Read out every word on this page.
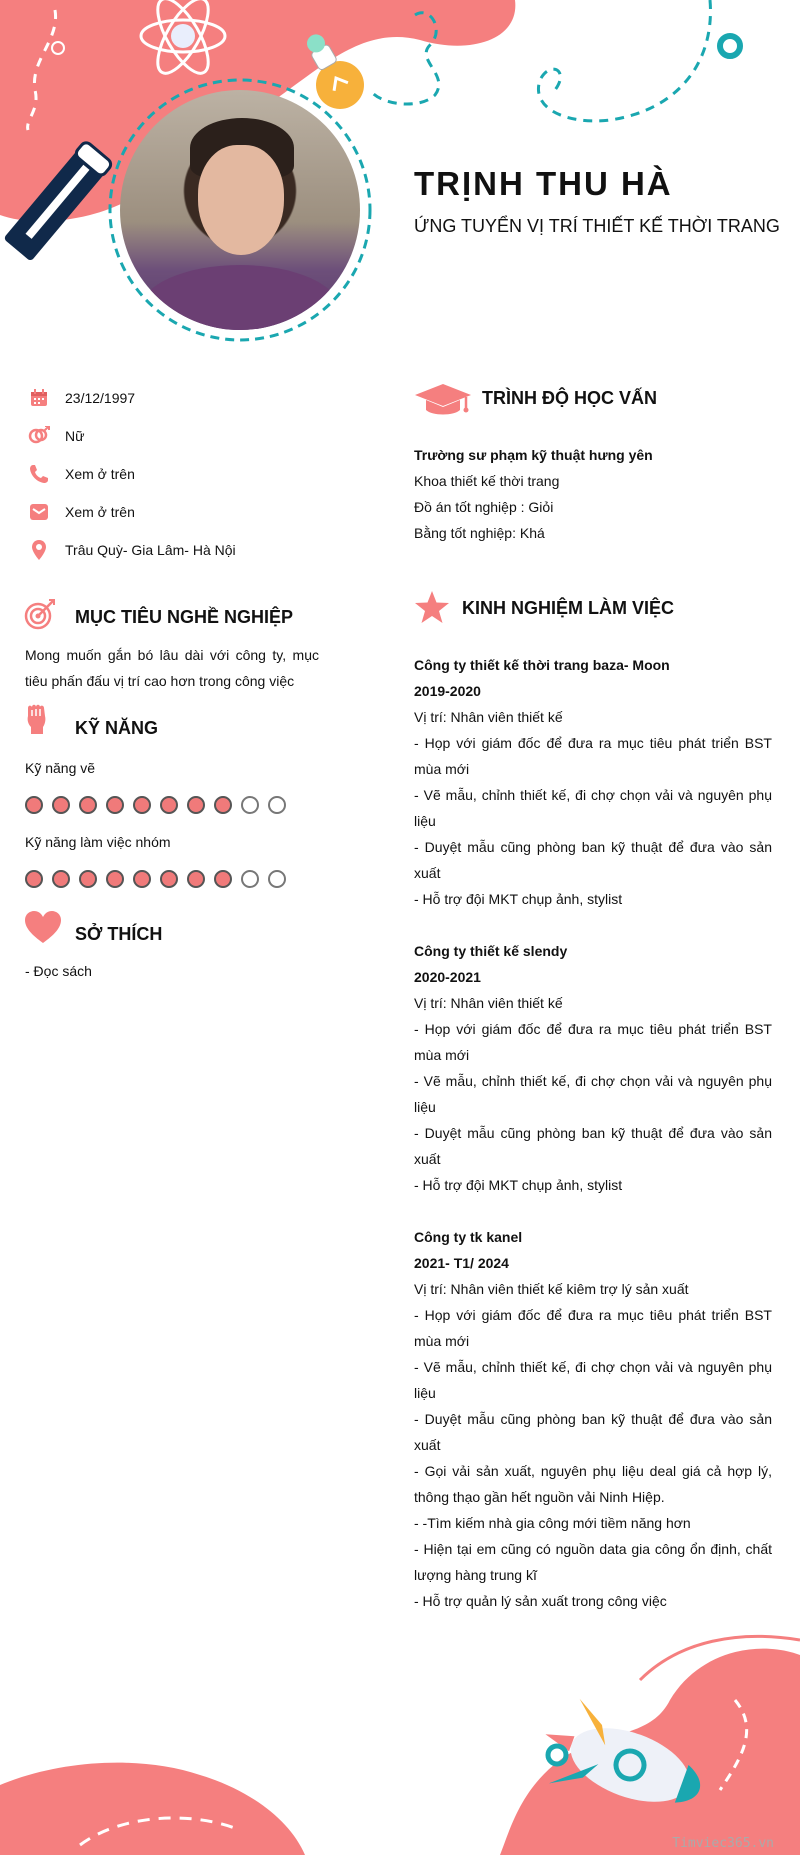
TRỊNH THU HÀ
ỨNG TUYỂN VỊ TRÍ THIẾT KẾ THỜI TRANG
23/12/1997
Nữ
Xem ở trên
Xem ở trên
Trâu Quỳ- Gia Lâm- Hà Nội
MỤC TIÊU NGHỀ NGHIỆP
Mong muốn gắn bó lâu dài với công ty, mục tiêu phấn đấu vị trí cao hơn trong công việc
KỸ NĂNG
Kỹ năng vẽ
Kỹ năng làm việc nhóm
SỞ THÍCH
- Đọc sách
TRÌNH ĐỘ HỌC VẤN
Trường sư phạm kỹ thuật hưng yên
Khoa thiết kế thời trang
Đồ án tốt nghiệp : Giỏi
Bằng tốt nghiệp: Khá
KINH NGHIỆM LÀM VIỆC
Công ty thiết kế thời trang baza- Moon
2019-2020
Vị trí: Nhân viên thiết kế
- Họp với giám đốc để đưa ra mục tiêu phát triển BST mùa mới
- Vẽ mẫu, chỉnh thiết kế, đi chợ chọn vải và nguyên phụ liệu
- Duyệt mẫu cũng phòng ban kỹ thuật để đưa vào sản xuất
- Hỗ trợ đội MKT chụp ảnh, stylist
Công ty thiết kế slendy
2020-2021
Vị trí: Nhân viên thiết kế
- Họp với giám đốc để đưa ra mục tiêu phát triển BST mùa mới
- Vẽ mẫu, chỉnh thiết kế, đi chợ chọn vải và nguyên phụ liệu
- Duyệt mẫu cũng phòng ban kỹ thuật để đưa vào sản xuất
- Hỗ trợ đội MKT chụp ảnh, stylist
Công ty tk kanel
2021- T1/ 2024
Vị trí: Nhân viên thiết kế kiêm trợ lý sản xuất
- Họp với giám đốc để đưa ra mục tiêu phát triển BST mùa mới
- Vẽ mẫu, chỉnh thiết kế, đi chợ chọn vải và nguyên phụ liệu
- Duyệt mẫu cũng phòng ban kỹ thuật để đưa vào sản xuất
- Gọi vải sản xuất, nguyên phụ liệu deal giá cả hợp lý, thông thạo gần hết nguồn vải Ninh Hiệp.
- -Tìm kiếm nhà gia công mới tiềm năng hơn
- Hiện tại em cũng có nguồn data gia công ổn định, chất lượng hàng trung kĩ
- Hỗ trợ quản lý sản xuất trong công việc
Timviec365.vn
